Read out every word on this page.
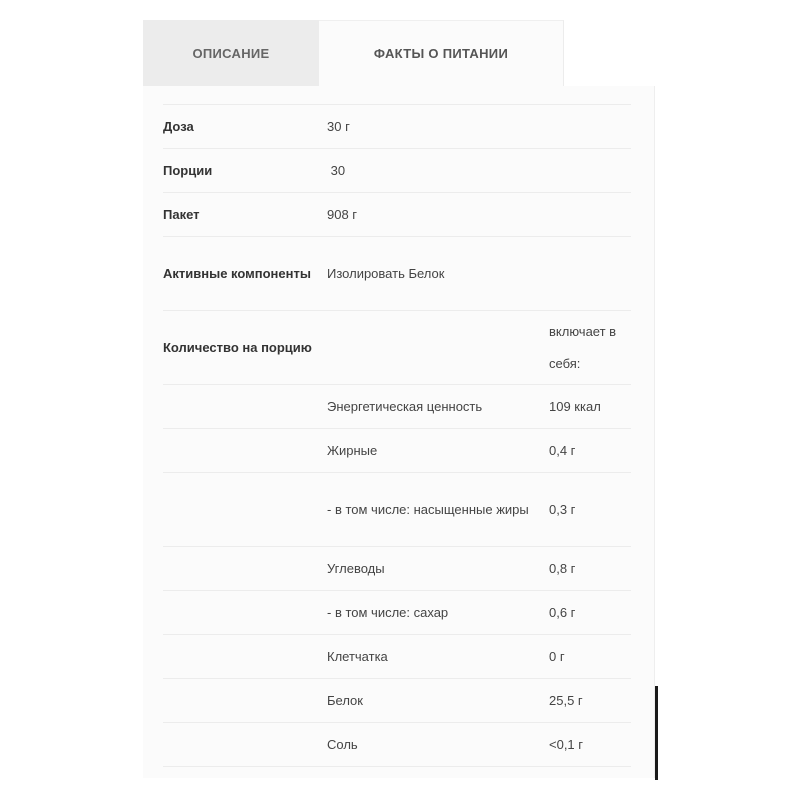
ОПИСАНИЕ	ФАКТЫ О ПИТАНИИ
Доза	30 г	
Порции	30	
Пакет	908 г	
Активные компоненты	Изолировать Белок	
Количество на порцию		включает в себя:
	Энергетическая ценность	109 ккал
	Жирные	0,4 г
	- в том числе: насыщенные жиры	0,3 г
	Углеводы	0,8 г
	- в том числе: сахар	0,6 г
	Клетчатка	0 г
	Белок	25,5 г
	Соль	<0,1 г
